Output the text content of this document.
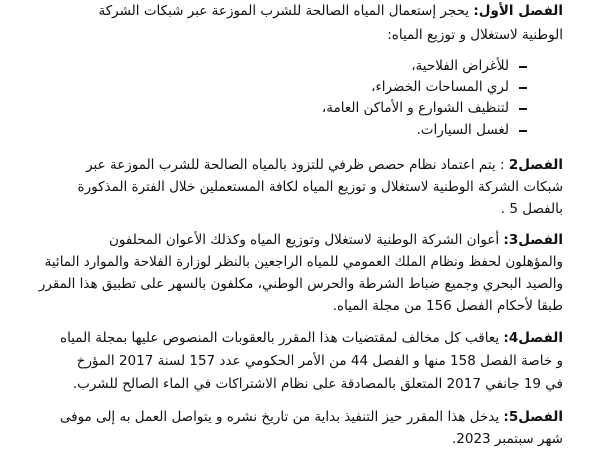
الفصل الأول: يحجر إستعمال المياه الصالحة للشرب الموزعة عبر شبكات الشركة
الوطنية لاستغلال و توزيع المياه:
للأغراض الفلاحية،
لري المساحات الخضراء،
لتنظيف الشوارع و الأماكن العامة،
لغسل السيارات.
الفصل2 : يتم اعتماد نظام حصص ظرفي للتزود بالمياه الصالحة للشرب الموزعة عبر
شبكات الشركة الوطنية لاستغلال و توزيع المياه لكافة المستعملين خلال الفترة المذكورة
بالفصل 5 .
الفصل3: أعوان الشركة الوطنية لاستغلال وتوزيع المياه وكذلك الأعوان المحلفون
والمؤهلون لحفظ ونظام الملك العمومي للمياه الراجعين بالنظر لوزارة الفلاحة والموارد المائية
والصيد البحري وجميع ضباط الشرطة والحرس الوطني، مكلفون بالسهر على تطبيق هذا المقرر
طبقا لأحكام الفصل 156 من مجلة المياه.
الفصل4: يعاقب كل مخالف لمقتضيات هذا المقرر بالعقوبات المنصوص عليها بمجلة المياه
و خاصة الفصل 158 منها و الفصل 44 من الأمر الحكومي عدد 157 لسنة 2017 المؤرخ
في 19 جانفي 2017 المتعلق بالمصادقة على نظام الاشتراكات في الماء الصالح للشرب.
الفصل5: يدخل هذا المقرر حيز التنفيذ بداية من تاريخ نشره و يتواصل العمل به إلى موفى
شهر سبتمبر 2023.
